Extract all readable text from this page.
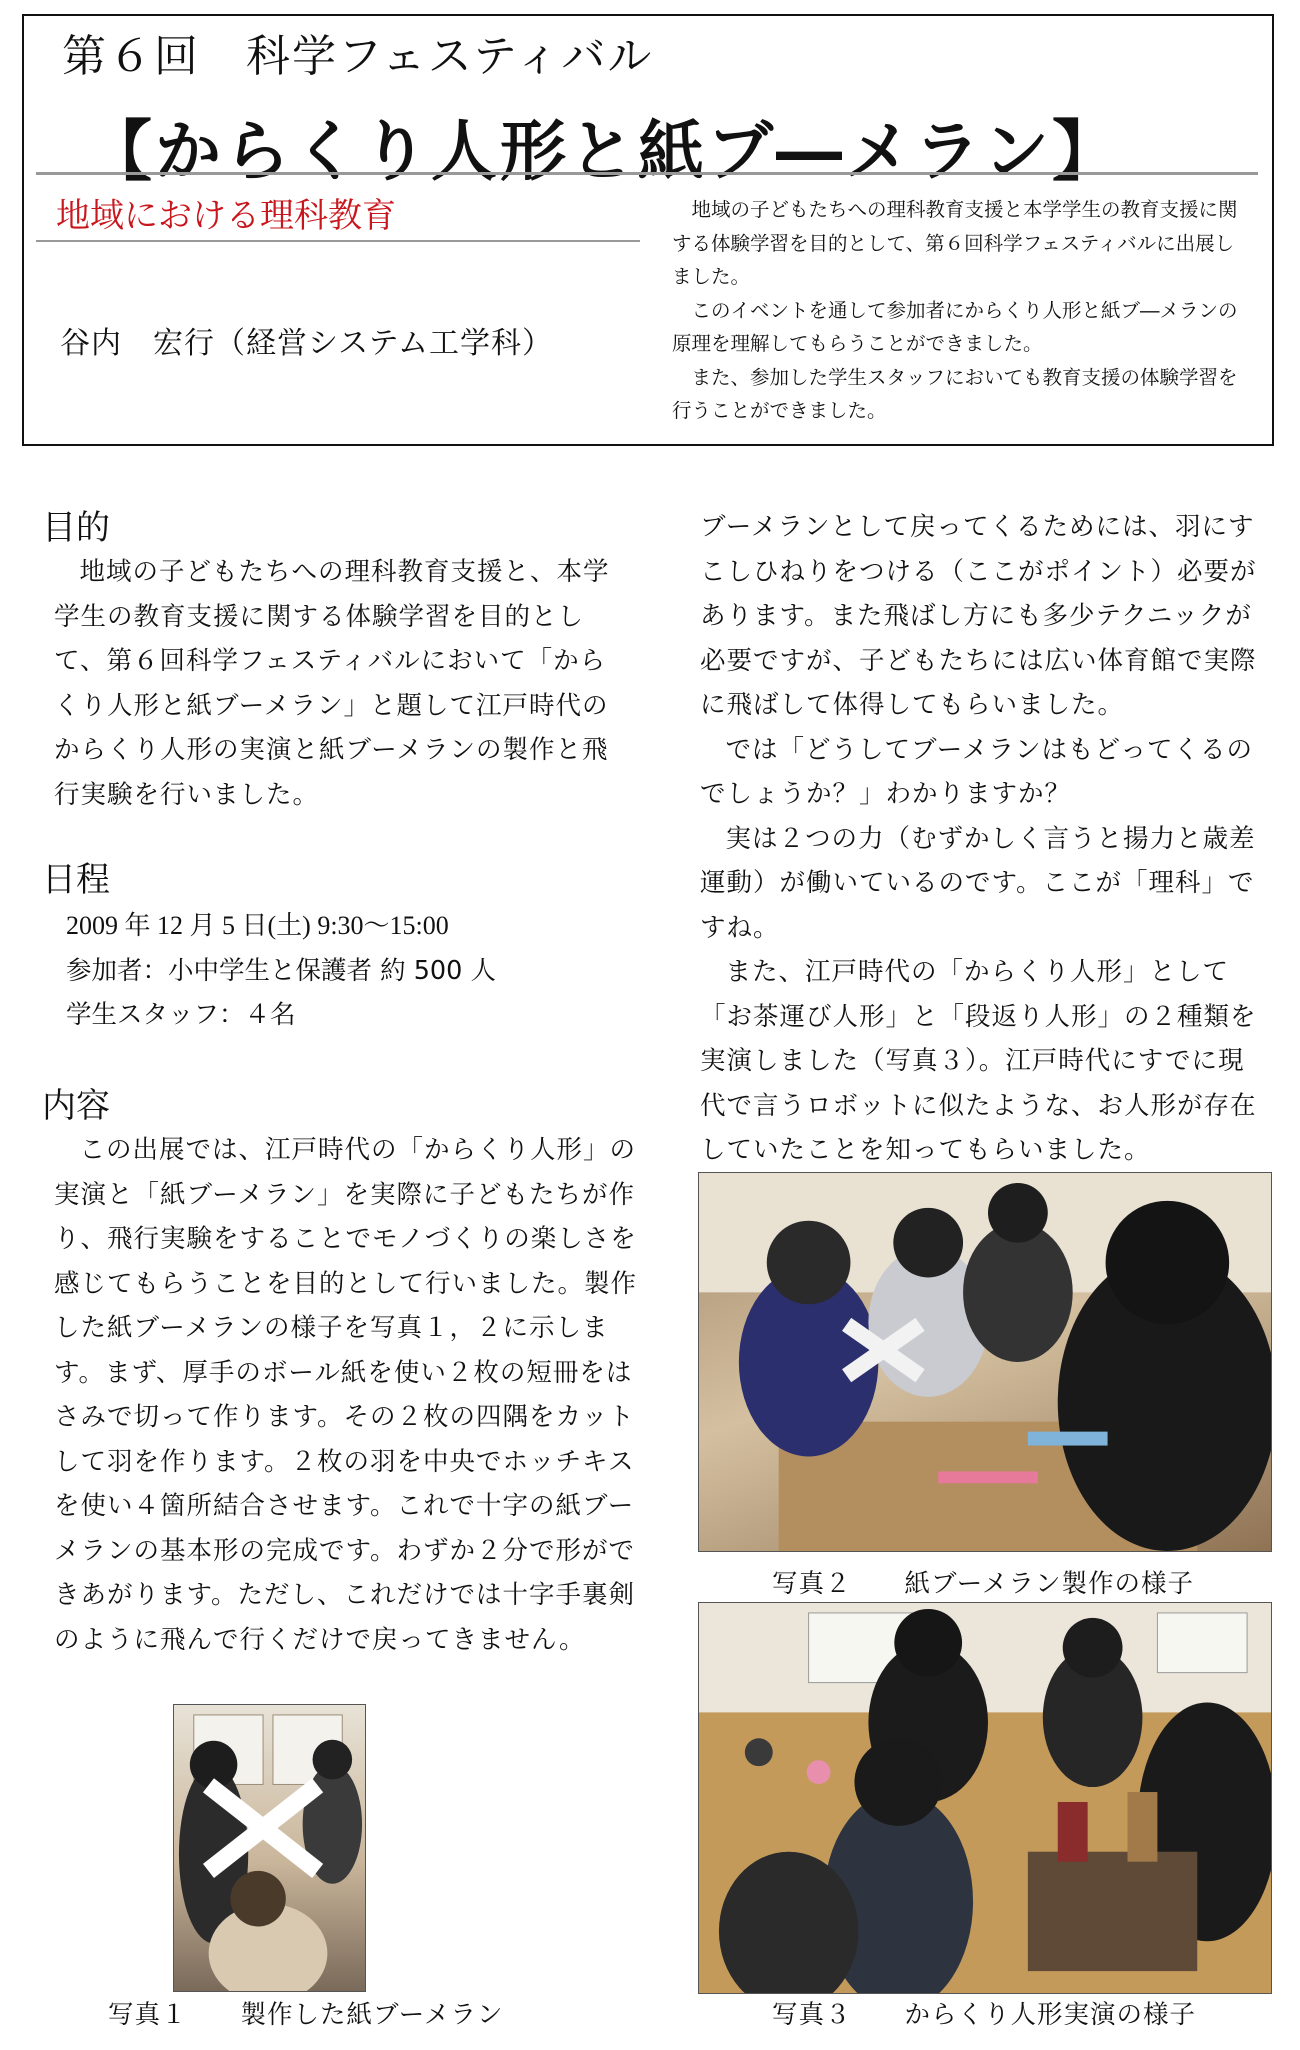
第６回　科学フェスティバル
【からくり人形と紙ブ―メラン】
地域における理科教育
谷内　宏行（経営システム工学科）

地域の子どもたちへの理科教育支援と本学学生の教育支援に関する体験学習を目的として、第６回科学フェスティバルに出展しました。

このイベントを通して参加者にからくり人形と紙ブ―メランの原理を理解してもらうことができました。

また、参加した学生スタッフにおいても教育支援の体験学習を行うことができました。

目的

地域の子どもたちへの理科教育支援と、本学学生の教育支援に関する体験学習を目的として、第６回科学フェスティバルにおいて「からくり人形と紙ブーメラン」と題して江戸時代のからくり人形の実演と紙ブーメランの製作と飛行実験を行いました。

日程
2009 年 12 月 5 日(土) 9:30～15:00
参加者：小中学生と保護者 約 500 人
学生スタッフ：４名
内容

この出展では、江戸時代の「からくり人形」の実演と「紙ブーメラン」を実際に子どもたちが作り、飛行実験をすることでモノづくりの楽しさを感じてもらうことを目的として行いました。製作した紙ブーメランの様子を写真１，２に示します。まず、厚手のボール紙を使い２枚の短冊をはさみで切って作ります。その２枚の四隅をカットして羽を作ります。２枚の羽を中央でホッチキスを使い４箇所結合させます。これで十字の紙ブーメランの基本形の完成です。わずか２分で形ができあがります。ただし、これだけでは十字手裏剣のように飛んで行くだけで戻ってきません。

ブーメランとして戻ってくるためには、羽にすこしひねりをつける（ここがポイント）必要があります。また飛ばし方にも多少テクニックが必要ですが、子どもたちには広い体育館で実際に飛ばして体得してもらいました。

では「どうしてブーメランはもどってくるのでしょうか？」わかりますか？

実は２つの力（むずかしく言うと揚力と歳差運動）が働いているのです。ここが「理科」ですね。

また、江戸時代の「からくり人形」として「お茶運び人形」と「段返り人形」の２種類を実演しました（写真３）。江戸時代にすでに現代で言うロボットに似たような、お人形が存在していたことを知ってもらいました。

写真２　　紙ブーメラン製作の様子
写真３　　からくり人形実演の様子
写真１　　製作した紙ブーメラン
